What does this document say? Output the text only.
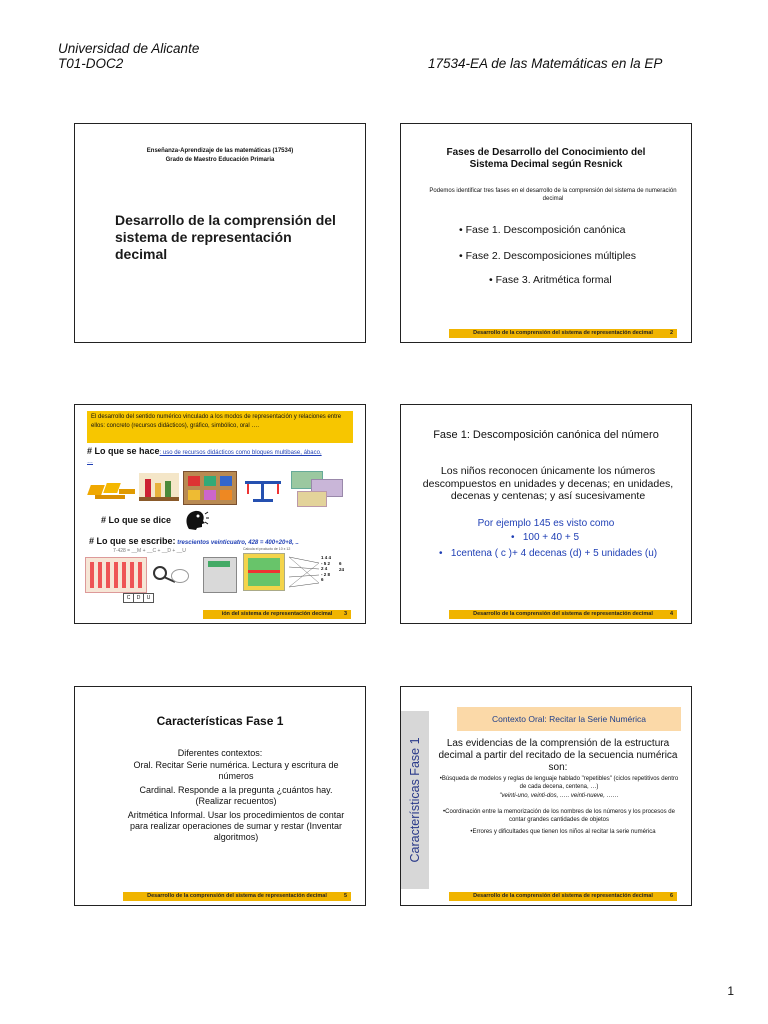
Universidad de Alicante
T01-DOC2	17534-EA de las Matemáticas en la EP
Enseñanza-Aprendizaje de las matemáticas (17534)
Grado de Maestro Educación Primaria
Desarrollo de la comprensión del sistema de representación decimal
Fases de Desarrollo del Conocimiento del Sistema Decimal según Resnick
Podemos identificar tres fases en el desarrollo de la comprensión del sistema de numeración decimal
• Fase 1. Descomposición canónica
• Fase 2. Descomposiciones múltiples
• Fase 3. Aritmética formal
Desarrollo de la comprensión del sistema de representación decimal	2
El desarrollo del sentido numérico vinculado a los modos de representación y relaciones entre ellos: concreto (recursos didácticos), gráfico, simbólico, oral ….
# Lo que se hace: uso de recursos didácticos como bloques multibase, ábaco, …
# Lo que se dice
# Lo que se escribe: trescientos veinticuatro, 428 = 400+20+8, ..
7·428 = __M + __C + __D + __U	Calcula el producto de 10 x 12
1 4 4
- 5 2
2 4
- 2 8
6
6
24
C	D	U
ión del sistema de representación decimal 3
Fase 1: Descomposición canónica del número
Los niños reconocen únicamente los números descompuestos en unidades y decenas; en unidades, decenas y centenas; y así sucesivamente
Por ejemplo 145 es visto como
•   100 + 40 + 5
•   1centena ( c )+ 4 decenas (d) + 5 unidades (u)
Desarrollo de la comprensión del sistema de representación decimal	4
Características Fase 1
Diferentes contextos:
Oral. Recitar Serie numérica. Lectura y escritura de números
Cardinal. Responde a la pregunta ¿cuántos hay. (Realizar recuentos)
Aritmética Informal. Usar los procedimientos de contar para realizar operaciones de sumar y restar (Inventar algoritmos)
Desarrollo de la comprensión del sistema de representación decimal	5
Características Fase 1
Contexto Oral: Recitar la Serie Numérica
Las evidencias de la comprensión de la estructura decimal a partir del recitado de la secuencia numérica son:
•Búsqueda de modelos y reglas de lenguaje hablado "repetibles" (ciclos repetitivos dentro de cada decena, centena, …)
"veinti-uno, veinti-dos, ….. veinti-nueve, ……
•Coordinación entre la memorización de los nombres de los números y los procesos de contar grandes cantidades de objetos
•Errores y dificultades que tienen los niños al recitar la serie numérica
Desarrollo de la comprensión del sistema de representación decimal	6
1
